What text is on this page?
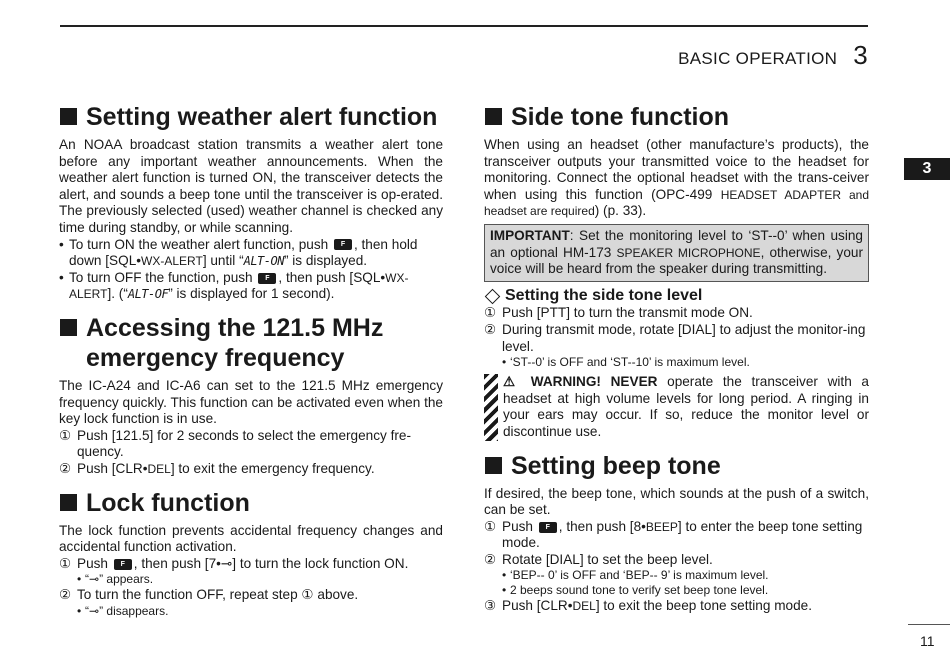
BASIC OPERATION 3
3
11
Setting weather alert function

An NOAA broadcast station transmits a weather alert tone before any important weather announcements. When the weather alert function is turned ON, the transceiver detects the alert, and sounds a beep tone until the transceiver is op-erated. The previously selected (used) weather channel is checked any time during standby, or while scanning.

• To turn ON the weather alert function, push F , then hold down [SQL•WX-ALERT] until “ALT-ON” is displayed.
• To turn OFF the function, push F , then push [SQL•WX-ALERT]. (“ALT-OF” is displayed for 1 second).
Accessing the 121.5 MHz
emergency frequency

The IC-A24 and IC-A6 can set to the 121.5 MHz emergency frequency quickly. This function can be activated even when the key lock function is in use.

① Push [121.5] for 2 seconds to select the emergency fre-quency.
② Push [CLR•DEL] to exit the emergency frequency.
Lock function

The lock function prevents accidental frequency changes and accidental function activation.

① Push F , then push [7•⊸] to turn the lock function ON.
• “⊸” appears.
② To turn the function OFF, repeat step ① above.
• “⊸” disappears.
Side tone function

When using an headset (other manufacture’s products), the transceiver outputs your transmitted voice to the headset for monitoring. Connect the optional headset with the trans-ceiver when using this function (OPC-499 HEADSET ADAPTER and headset are required) (p. 33).

IMPORTANT: Set the monitoring level to ‘ST--0’ when using an optional HM-173 SPEAKER MICROPHONE, otherwise, your voice will be heard from the speaker during transmitting.
Setting the side tone level
① Push [PTT] to turn the transmit mode ON.
② During transmit mode, rotate [DIAL] to adjust the monitor-ing level.
• ‘ST--0’ is OFF and ‘ST--10’ is maximum level.

⚠ WARNING! NEVER operate the transceiver with a headset at high volume levels for long period. A ringing in your ears may occur. If so, reduce the monitor level or discontinue use.

Setting beep tone

If desired, the beep tone, which sounds at the push of a switch, can be set.

① Push F , then push [8•BEEP] to enter the beep tone setting mode.
② Rotate [DIAL] to set the beep level.
• ‘BEP-- 0’ is OFF and ‘BEP-- 9’ is maximum level.
• 2 beeps sound tone to verify set beep tone level.
③ Push [CLR•DEL] to exit the beep tone setting mode.
